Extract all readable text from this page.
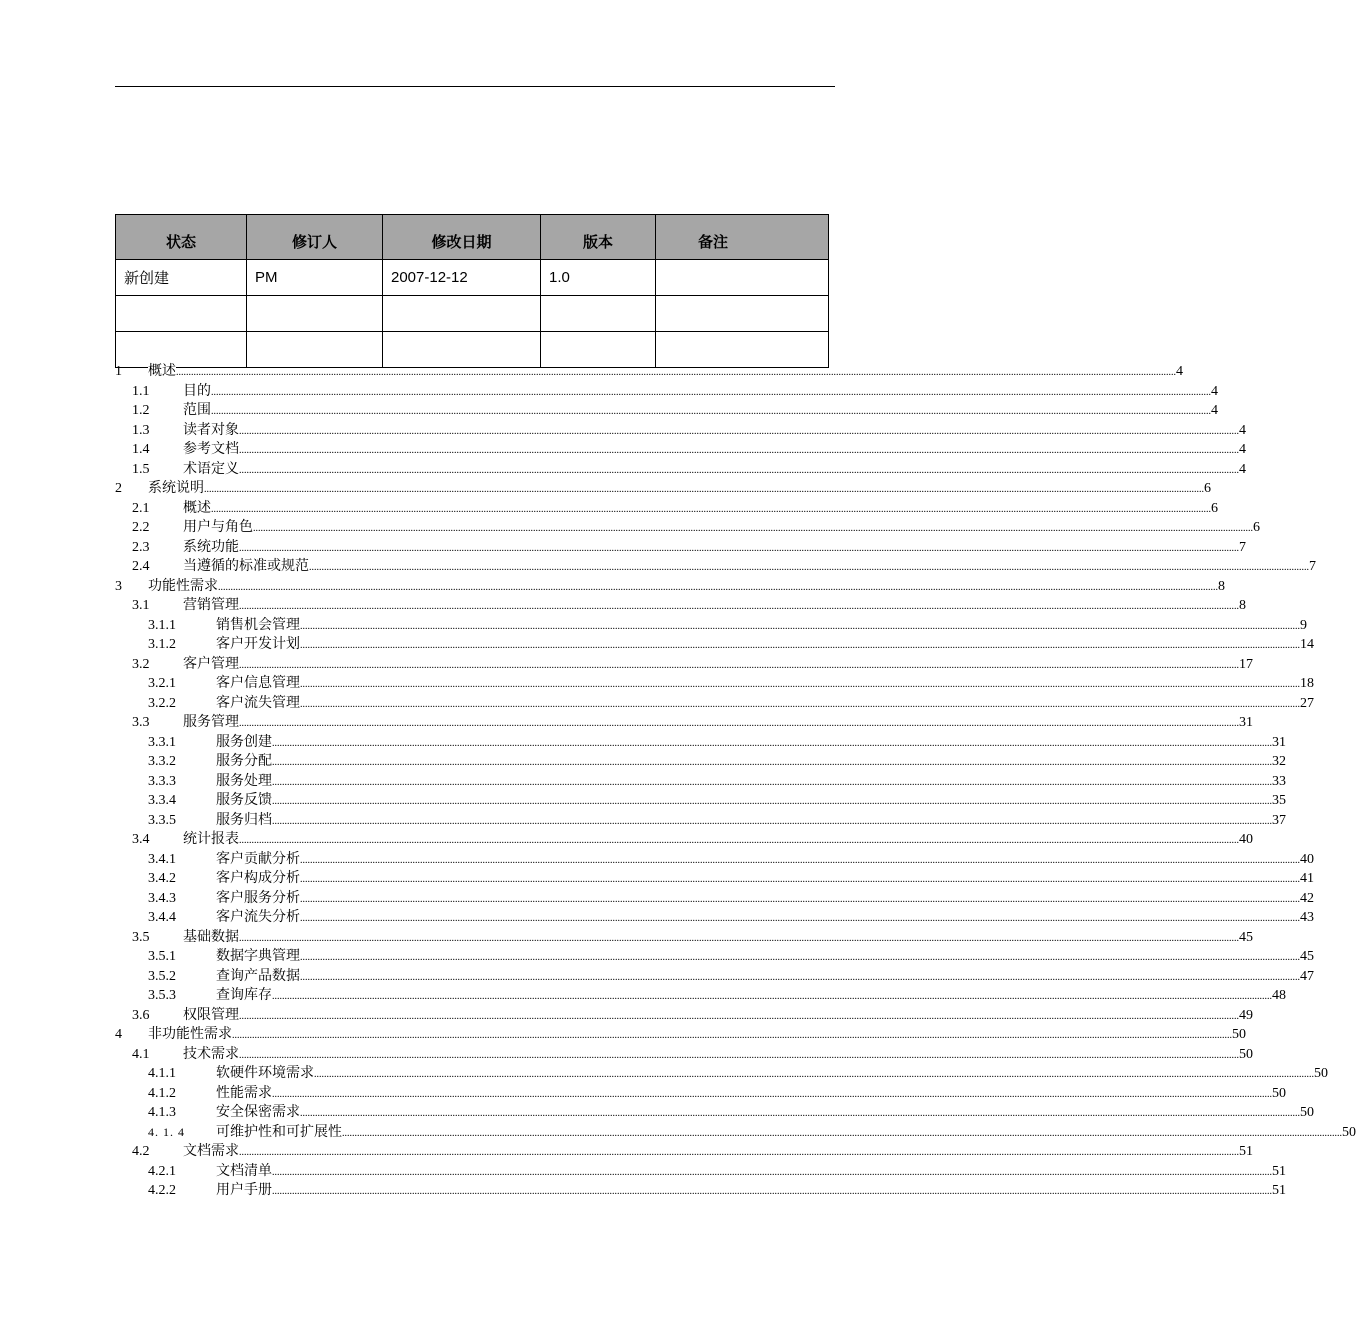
状态	修订人	修改日期	版本	备注
新创建	PM	2007-12-12	1.0	

1 概述 ................................................................................................................................................................................................................................................................................................................................................................................................................ 4
1.1 目的 ................................................................................................................................................................................................................................................................................................................................................................................................................ 4
1.2 范围 ................................................................................................................................................................................................................................................................................................................................................................................................................ 4
1.3 读者对象 ................................................................................................................................................................................................................................................................................................................................................................................................................ 4
1.4 参考文档 ................................................................................................................................................................................................................................................................................................................................................................................................................ 4
1.5 术语定义 ................................................................................................................................................................................................................................................................................................................................................................................................................ 4
2 系统说明 ................................................................................................................................................................................................................................................................................................................................................................................................................ 6
2.1 概述 ................................................................................................................................................................................................................................................................................................................................................................................................................ 6
2.2 用户与角色 ................................................................................................................................................................................................................................................................................................................................................................................................................ 6
2.3 系统功能 ................................................................................................................................................................................................................................................................................................................................................................................................................ 7
2.4 当遵循的标准或规范 ................................................................................................................................................................................................................................................................................................................................................................................................................ 7
3 功能性需求 ................................................................................................................................................................................................................................................................................................................................................................................................................ 8
3.1 营销管理 ................................................................................................................................................................................................................................................................................................................................................................................................................ 8
3.1.1	销售机会管理 ................................................................................................................................................................................................................................................................................................................................................................................................................ 9
3.1.2	客户开发计划 ................................................................................................................................................................................................................................................................................................................................................................................................................ 14
3.2 客户管理 ................................................................................................................................................................................................................................................................................................................................................................................................................ 17
3.2.1	客户信息管理 ................................................................................................................................................................................................................................................................................................................................................................................................................ 18
3.2.2	客户流失管理 ................................................................................................................................................................................................................................................................................................................................................................................................................ 27
3.3 服务管理 ................................................................................................................................................................................................................................................................................................................................................................................................................ 31
3.3.1	服务创建 ................................................................................................................................................................................................................................................................................................................................................................................................................ 31
3.3.2	服务分配 ................................................................................................................................................................................................................................................................................................................................................................................................................ 32
3.3.3	服务处理 ................................................................................................................................................................................................................................................................................................................................................................................................................ 33
3.3.4	服务反馈 ................................................................................................................................................................................................................................................................................................................................................................................................................ 35
3.3.5	服务归档 ................................................................................................................................................................................................................................................................................................................................................................................................................ 37
3.4 统计报表 ................................................................................................................................................................................................................................................................................................................................................................................................................ 40
3.4.1	客户贡献分析 ................................................................................................................................................................................................................................................................................................................................................................................................................ 40
3.4.2	客户构成分析 ................................................................................................................................................................................................................................................................................................................................................................................................................ 41
3.4.3	客户服务分析 ................................................................................................................................................................................................................................................................................................................................................................................................................ 42
3.4.4	客户流失分析 ................................................................................................................................................................................................................................................................................................................................................................................................................ 43
3.5 基础数据 ................................................................................................................................................................................................................................................................................................................................................................................................................ 45
3.5.1	数据字典管理 ................................................................................................................................................................................................................................................................................................................................................................................................................ 45
3.5.2	查询产品数据 ................................................................................................................................................................................................................................................................................................................................................................................................................ 47
3.5.3	查询库存 ................................................................................................................................................................................................................................................................................................................................................................................................................ 48
3.6 权限管理 ................................................................................................................................................................................................................................................................................................................................................................................................................ 49
4 非功能性需求 ................................................................................................................................................................................................................................................................................................................................................................................................................ 50
4.1 技术需求 ................................................................................................................................................................................................................................................................................................................................................................................................................ 50
4.1.1	软硬件环境需求 ................................................................................................................................................................................................................................................................................................................................................................................................................ 50
4.1.2	性能需求 ................................................................................................................................................................................................................................................................................................................................................................................................................ 50
4.1.3	安全保密需求 ................................................................................................................................................................................................................................................................................................................................................................................................................ 50
4. 1. 4 可维护性和可扩展性 ................................................................................................................................................................................................................................................................................................................................................................................................................ 50
4.2 文档需求 ................................................................................................................................................................................................................................................................................................................................................................................................................ 51
4.2.1	文档清单 ................................................................................................................................................................................................................................................................................................................................................................................................................ 51
4.2.2	用户手册 ................................................................................................................................................................................................................................................................................................................................................................................................................ 51
